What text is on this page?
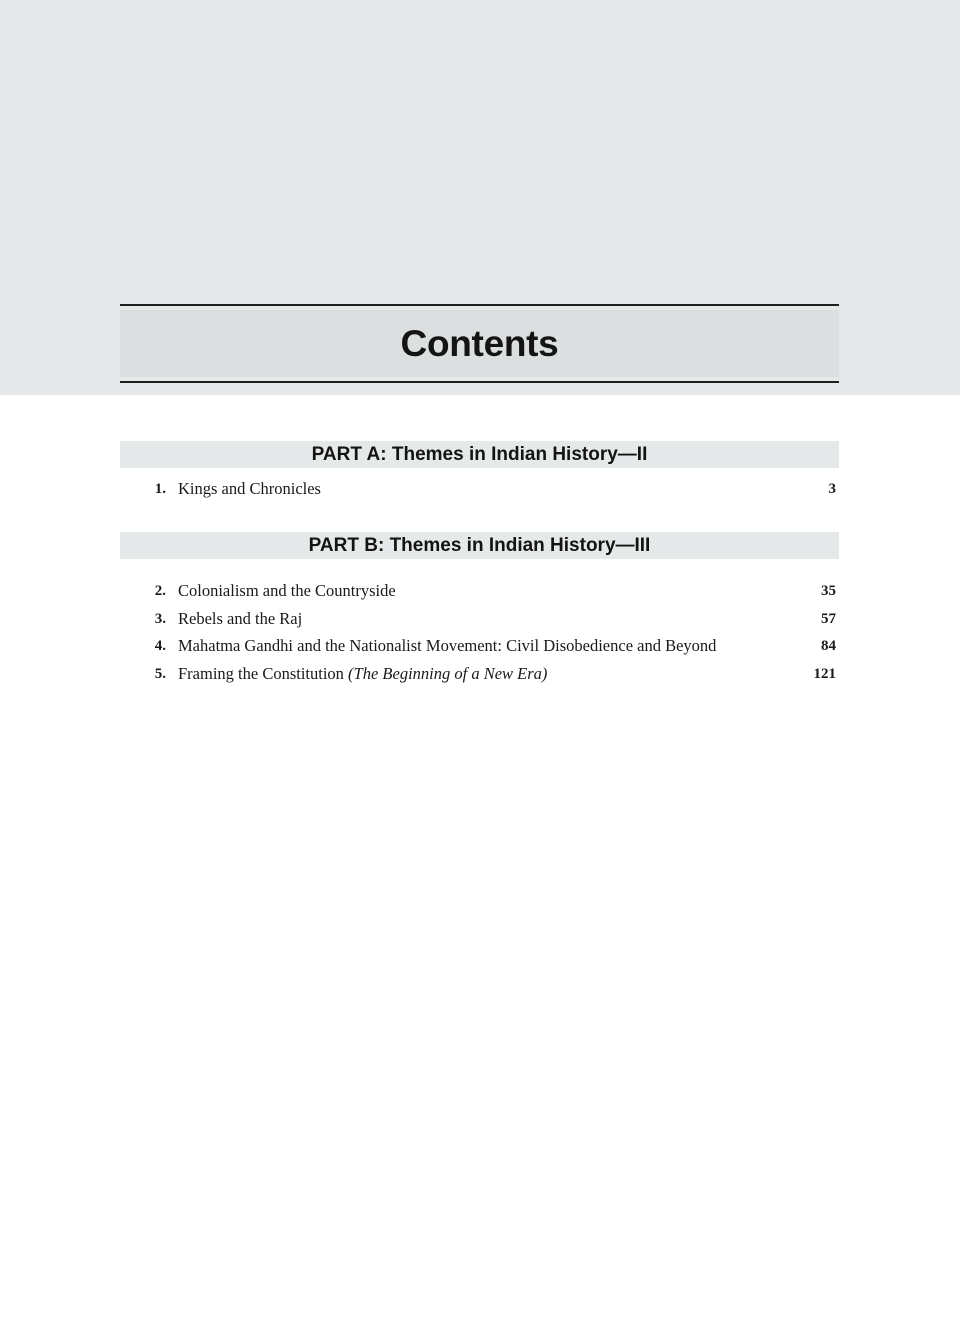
Contents
PART A: Themes in Indian History—II
1. Kings and Chronicles	3
PART B: Themes in Indian History—III
2. Colonialism and the Countryside	35
3. Rebels and the Raj	57
4. Mahatma Gandhi and the Nationalist Movement: Civil Disobedience and Beyond	84
5. Framing the Constitution (The Beginning of a New Era)	121
